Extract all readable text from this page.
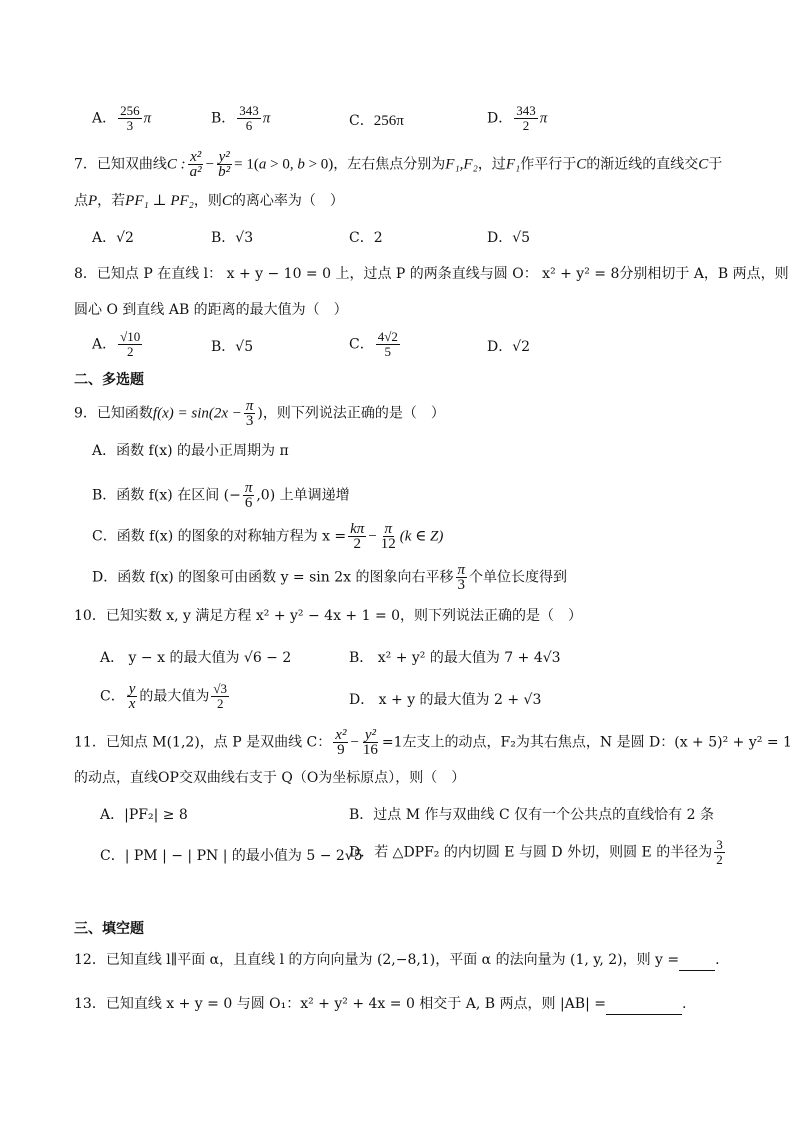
A． $\frac{256}{3}$ π	B． $\frac{343}{6}$ π	C．256π	D． $\frac{343}{2}$ π
7．已知双曲线C : $\frac{\text{x²}}{\text{a²}} - \frac{\text{y²}}{\text{b²}} = 1(a > 0$, b > 0)，左右焦点分别为F₁,F₂，过F₁作平行于C的渐近线的直线交C于
点P，若PF₁ ⊥ PF₂，则C的离心率为（　）
A．√2	B．√3	C．2	D．√5
8．已知点 P 在直线 l： x + y − 10 = 0 上，过点 P 的两条直线与圆 O： x² + y² = 8分别相切于 A，B 两点，则
圆心 O 到直线 AB 的距离的最大值为（　）
A． $\frac{√10}{2}$	B．√5	C． $\frac{4√2}{5}$	D．√2
二、多选题
9．已知函数$f(x) = \sin(2x - \frac{\pi}{3}$ )，则下列说法正确的是（　）
A．函数 f(x) 的最小正周期为 π
B．函数 f(x) 在区间 (− $\frac{\pi}{6} ,0$) 上单调递增
C．函数 f(x) 的图象的对称轴方程为 $x = \frac{k\pi}{2} - \frac{\pi}{12} (k$ ∈ Z)
D．函数 f(x) 的图象可由函数 y = sin 2x 的图象向右平移 $\frac{\pi}{3}$ 个单位长度得到
10．已知实数 x, y 满足方程 x² + y² − 4x + 1 = 0，则下列说法正确的是（　）
A． y − x 的最大值为 √6 − 2	B． x² + y² 的最大值为 7 + 4√3
C． $\frac{y}{x}$ 的最大值为 $\frac{√3}{2}$	D． x + y 的最大值为 2 + √3
11．已知点 M(1,2)，点 P 是双曲线 C： $\frac{\text{x²}}{9} - \frac{\text{y²}}{16} =1$左支上的动点，F₂为其右焦点，N 是圆 D：(x + 5)² + y² = 1
的动点，直线OP交双曲线右支于 Q（O为坐标原点），则（　）
A．|PF₂| ≥ 8	B．过点 M 作与双曲线 C 仅有一个公共点的直线恰有 2 条
C．| PM | − | PN | 的最小值为 5 − 2√5
D．若 △DPF₂ 的内切圆 E 与圆 D 外切，则圆 E 的半径为 $\frac{3}{2}$
三、填空题
12．已知直线 l∥平面 α，且直线 l 的方向向量为 (2,−8,1)，平面 α 的法向量为 (1, y, 2)，则 y =	.
13．已知直线 x + y = 0 与圆 O₁：x² + y² + 4x = 0 相交于 A, B 两点，则 |AB| =	.
